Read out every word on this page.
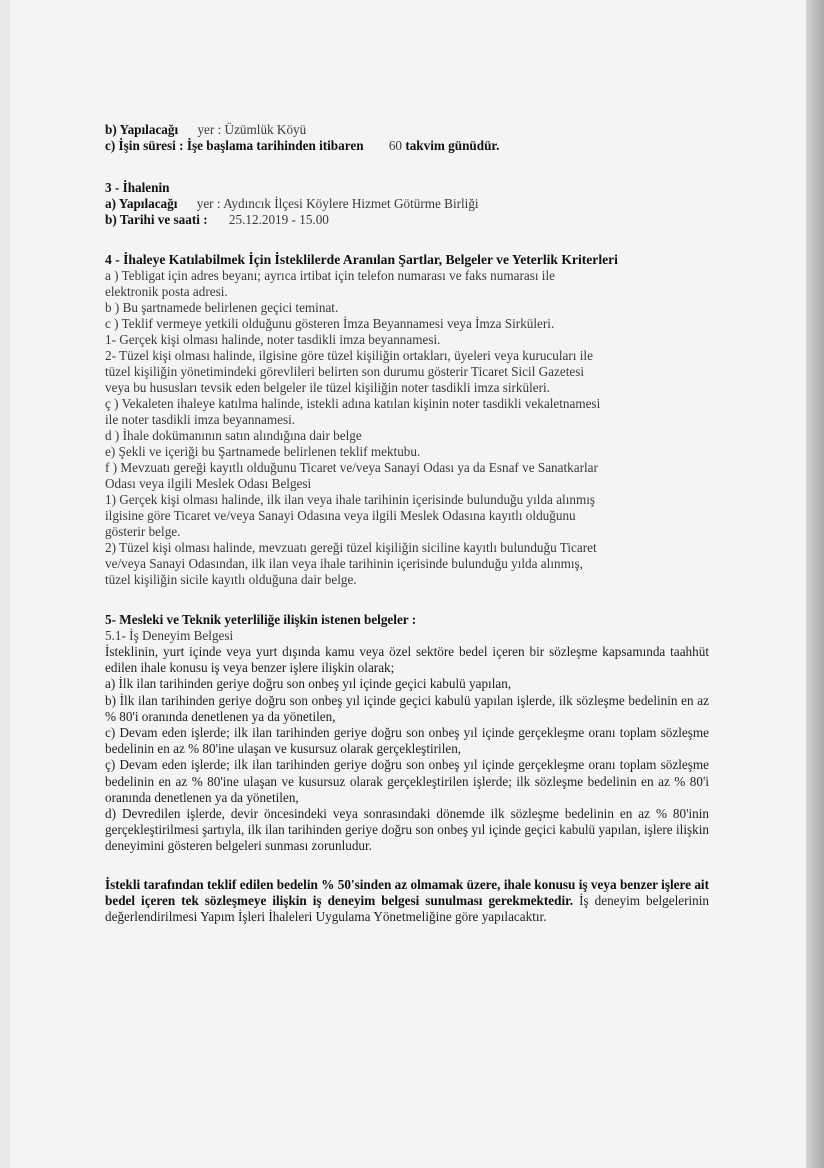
b) Yapılacağı yer : Üzümlük Köyü
c) İşin süresi : İşe başlama tarihinden itibaren 60 takvim günüdür.
3 - İhalenin
a) Yapılacağı yer : Aydıncık İlçesi Köylere Hizmet Götürme Birliği
b) Tarihi ve saati : 25.12.2019 - 15.00
4 - İhaleye Katılabilmek İçin İsteklilerde Aranılan Şartlar, Belgeler ve Yeterlik Kriterleri
a ) Tebligat için adres beyanı; ayrıca irtibat için telefon numarası ve faks numarası ile
elektronik posta adresi.
b ) Bu şartnamede belirlenen geçici teminat.
c ) Teklif vermeye yetkili olduğunu gösteren İmza Beyannamesi veya İmza Sirküleri.
1- Gerçek kişi olması halinde, noter tasdikli imza beyannamesi.
2- Tüzel kişi olması halinde, ilgisine göre tüzel kişiliğin ortakları, üyeleri veya kurucuları ile
tüzel kişiliğin yönetimindeki görevlileri belirten son durumu gösterir Ticaret Sicil Gazetesi
veya bu hususları tevsik eden belgeler ile tüzel kişiliğin noter tasdikli imza sirküleri.
ç ) Vekaleten ihaleye katılma halinde, istekli adına katılan kişinin noter tasdikli vekaletnamesi
ile noter tasdikli imza beyannamesi.
d ) İhale dokümanının satın alındığına dair belge
e) Şekli ve içeriği bu Şartnamede belirlenen teklif mektubu.
f ) Mevzuatı gereği kayıtlı olduğunu Ticaret ve/veya Sanayi Odası ya da Esnaf ve Sanatkarlar
Odası veya ilgili Meslek Odası Belgesi
1) Gerçek kişi olması halinde, ilk ilan veya ihale tarihinin içerisinde bulunduğu yılda alınmış
ilgisine göre Ticaret ve/veya Sanayi Odasına veya ilgili Meslek Odasına kayıtlı olduğunu
gösterir belge.
2) Tüzel kişi olması halinde, mevzuatı gereği tüzel kişiliğin siciline kayıtlı bulunduğu Ticaret
ve/veya Sanayi Odasından, ilk ilan veya ihale tarihinin içerisinde bulunduğu yılda alınmış,
tüzel kişiliğin sicile kayıtlı olduğuna dair belge.
5- Mesleki ve Teknik yeterliliğe ilişkin istenen belgeler :
5.1- İş Deneyim Belgesi

İsteklinin, yurt içinde veya yurt dışında kamu veya özel sektöre bedel içeren bir sözleşme kapsamında taahhüt edilen ihale konusu iş veya benzer işlere ilişkin olarak;

a) İlk ilan tarihinden geriye doğru son onbeş yıl içinde geçici kabulü yapılan,

b) İlk ilan tarihinden geriye doğru son onbeş yıl içinde geçici kabulü yapılan işlerde, ilk sözleşme bedelinin en az % 80'i oranında denetlenen ya da yönetilen,

c) Devam eden işlerde; ilk ilan tarihinden geriye doğru son onbeş yıl içinde gerçekleşme oranı toplam sözleşme bedelinin en az % 80'ine ulaşan ve kusursuz olarak gerçekleştirilen,

ç) Devam eden işlerde; ilk ilan tarihinden geriye doğru son onbeş yıl içinde gerçekleşme oranı toplam sözleşme bedelinin en az % 80'ine ulaşan ve kusursuz olarak gerçekleştirilen işlerde; ilk sözleşme bedelinin en az % 80'i oranında denetlenen ya da yönetilen,

d) Devredilen işlerde, devir öncesindeki veya sonrasındaki dönemde ilk sözleşme bedelinin en az % 80'inin gerçekleştirilmesi şartıyla, ilk ilan tarihinden geriye doğru son onbeş yıl içinde geçici kabulü yapılan, işlere ilişkin deneyimini gösteren belgeleri sunması zorunludur.

İstekli tarafından teklif edilen bedelin % 50'sinden az olmamak üzere, ihale konusu iş veya benzer işlere ait bedel içeren tek sözleşmeye ilişkin iş deneyim belgesi sunulması gerekmektedir. İş deneyim belgelerinin değerlendirilmesi Yapım İşleri İhaleleri Uygulama Yönetmeliğine göre yapılacaktır.
